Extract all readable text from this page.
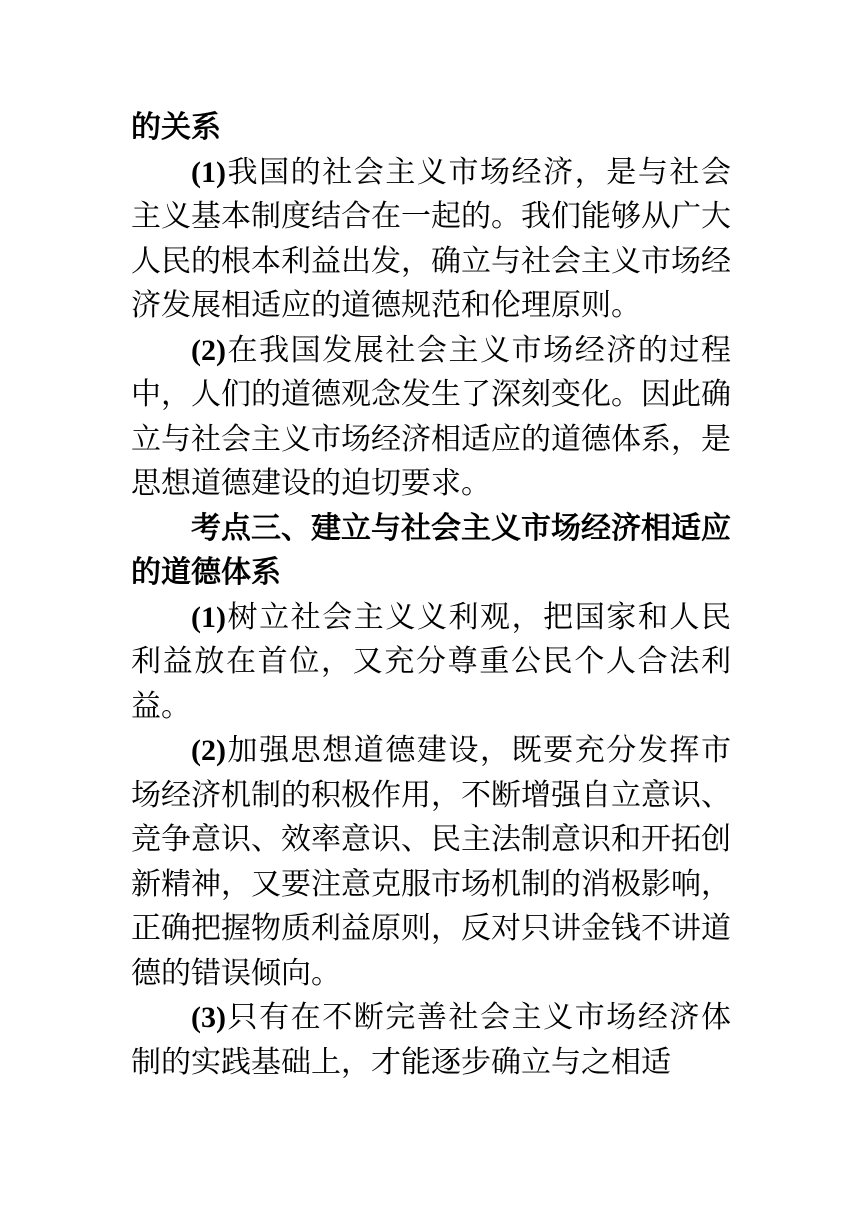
的关系

(1)我国的社会主义市场经济，是与社会主义基本制度结合在一起的。我们能够从广大人民的根本利益出发，确立与社会主义市场经济发展相适应的道德规范和伦理原则。

(2)在我国发展社会主义市场经济的过程中，人们的道德观念发生了深刻变化。因此确立与社会主义市场经济相适应的道德体系，是思想道德建设的迫切要求。

考点三、建立与社会主义市场经济相适应的道德体系

(1)树立社会主义义利观，把国家和人民利益放在首位，又充分尊重公民个人合法利益。

(2)加强思想道德建设，既要充分发挥市场经济机制的积极作用，不断增强自立意识、竞争意识、效率意识、民主法制意识和开拓创新精神，又要注意克服市场机制的消极影响，正确把握物质利益原则，反对只讲金钱不讲道德的错误倾向。

(3)只有在不断完善社会主义市场经济体制的实践基础上，才能逐步确立与之相适
